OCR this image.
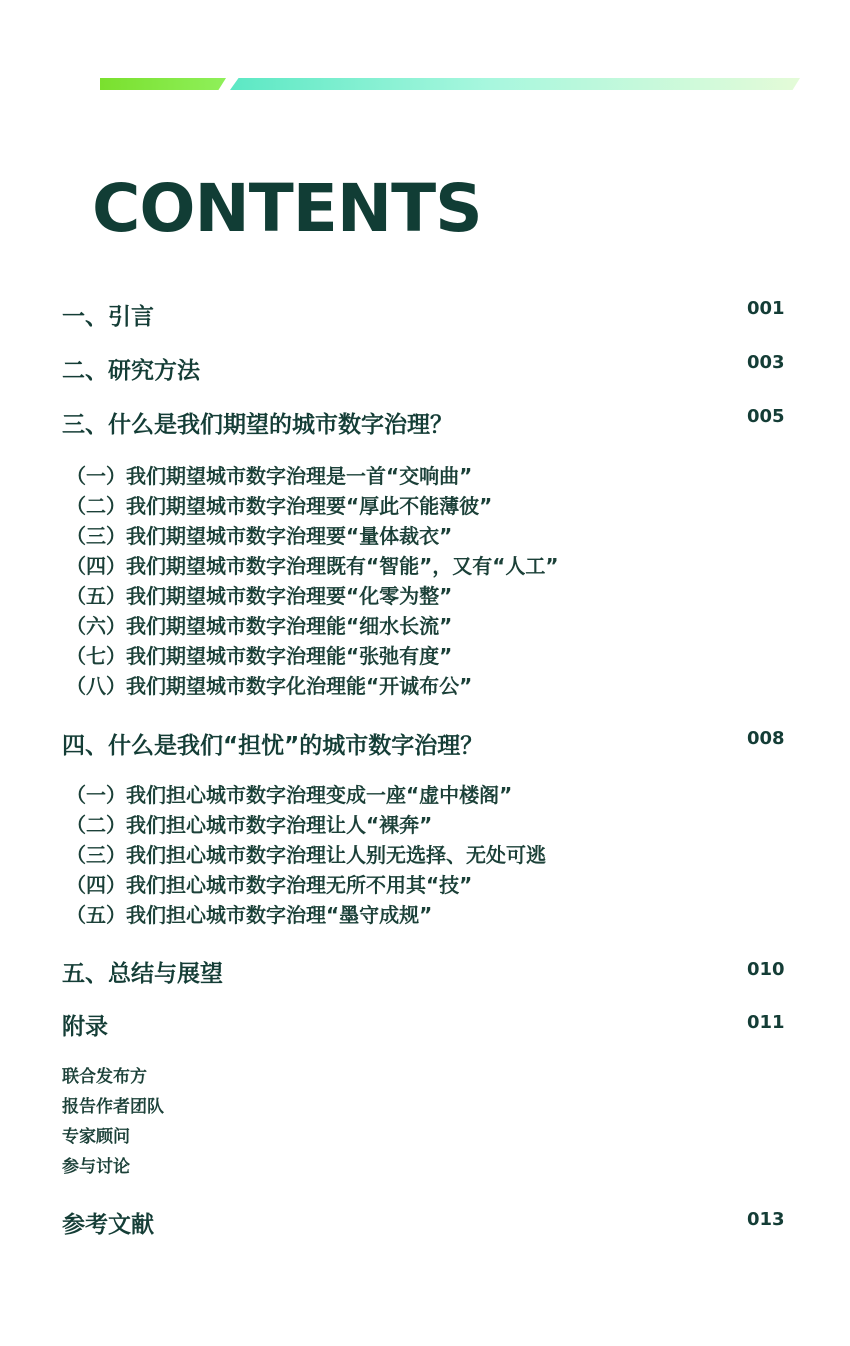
CONTENTS
一、引言	001
二、研究方法	003
三、什么是我们期望的城市数字治理？	005
（一）我们期望城市数字治理是一首“交响曲”
（二）我们期望城市数字治理要“厚此不能薄彼”
（三）我们期望城市数字治理要“量体裁衣”
（四）我们期望城市数字治理既有“智能”，又有“人工”
（五）我们期望城市数字治理要“化零为整”
（六）我们期望城市数字治理能“细水长流”
（七）我们期望城市数字治理能“张弛有度”
（八）我们期望城市数字化治理能“开诚布公”
四、什么是我们“担忧”的城市数字治理？	008
（一）我们担心城市数字治理变成一座“虚中楼阁”
（二）我们担心城市数字治理让人“裸奔”
（三）我们担心城市数字治理让人别无选择、无处可逃
（四）我们担心城市数字治理无所不用其“技”
（五）我们担心城市数字治理“墨守成规”
五、总结与展望	010
附录	011
联合发布方
报告作者团队
专家顾问
参与讨论
参考文献	013
